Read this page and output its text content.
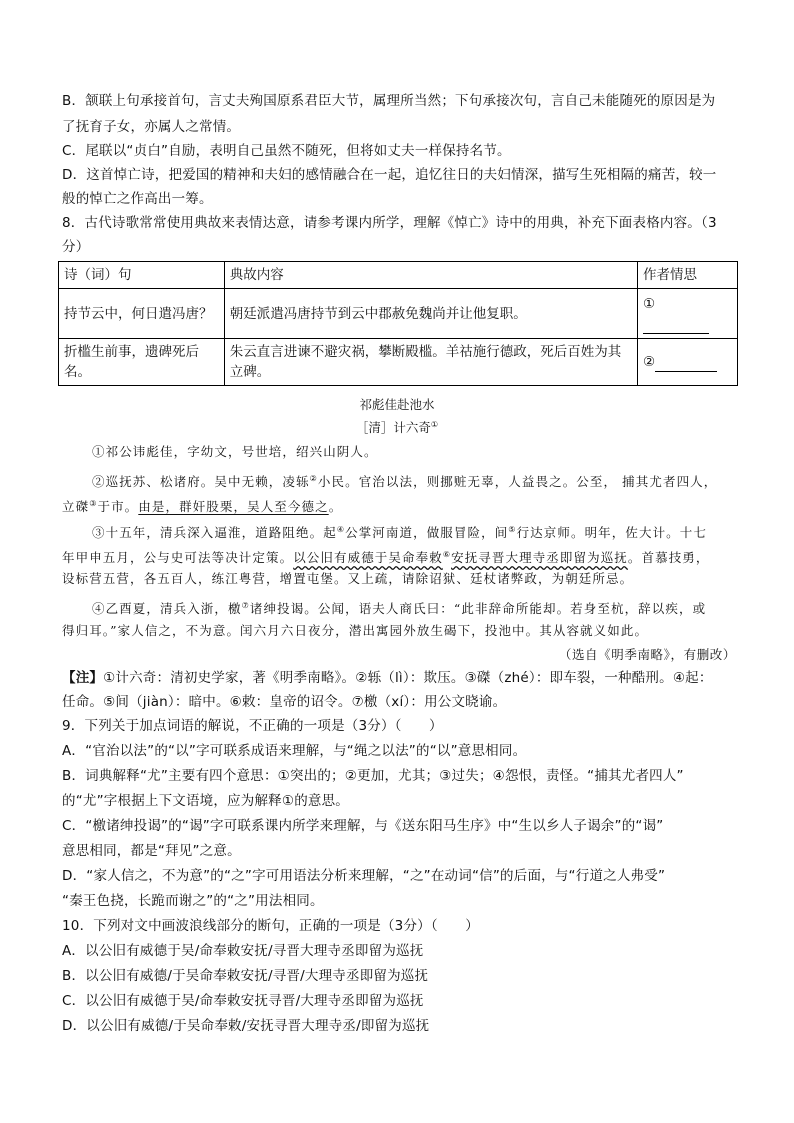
B．颔联上句承接首句，言丈夫殉国原系君臣大节，属理所当然；下句承接次句，言自己未能随死的原因是为
了抚育子女，亦属人之常情。
C．尾联以“贞白”自励，表明自己虽然不随死，但将如丈夫一样保持名节。
D．这首悼亡诗，把爱国的精神和夫妇的感情融合在一起，追忆往日的夫妇情深，描写生死相隔的痛苦，较一
般的悼亡之作高出一筹。
8．古代诗歌常常使用典故来表情达意，请参考课内所学，理解《悼亡》诗中的用典，补充下面表格内容。（3
分）
诗（词）句	典故内容	作者情思
持节云中，何日遣冯唐？	朝廷派遣冯唐持节到云中郡赦免魏尚并让他复职。	①

折槛生前事，遗碑死后名。	朱云直言进谏不避灾祸，攀断殿槛。羊祜施行德政，死后百姓为其
立碑。	②
祁彪佳赴池水
［清］计六奇①
①祁公讳彪佳，字幼文，号世培，绍兴山阴人。
②巡抚苏、松诸府。吴中无赖，凌轹②小民。官治以法，则挪赃无辜，人益畏之。公至， 捕其尤者四人，
立磔③于市。由是，群奸股栗，吴人至今德之。
③十五年，清兵深入逼淮，道路阻绝。起④公掌河南道，做服冒险，间⑤行达京师。明年，佐大计。十七
年甲申五月，公与史可法等决计定策。以公旧有威德于吴命奉敕⑥安抚寻晋大理寺丞即留为巡抚。首慕技勇，
设标营五营，各五百人，练江粤营，增置屯堡。又上疏，请除诏狱、廷杖诸弊政，为朝廷所忌。
④乙酉夏，清兵入浙，檄⑦诸绅投谒。公闻，语夫人商氏曰：“此非辞命所能却。若身至杭，辞以疾，或
得归耳。”家人信之，不为意。闰六月六日夜分，潜出寓园外放生碣下，投池中。其从容就义如此。
（选自《明季南略》，有删改）
【注】①计六奇：清初史学家，著《明季南略》。②轹（lì）：欺压。③磔（zhé）：即车裂，一种酷刑。④起：
任命。⑤间（jiàn）：暗中。⑥敕：皇帝的诏令。⑦檄（xí）：用公文晓谕。
9．下列关于加点词语的解说，不正确的一项是（3分）（　　）
A．“官治以法”的“以”字可联系成语来理解，与“绳之以法”的“以”意思相同。
B．词典解释“尤”主要有四个意思：①突出的；②更加，尤其；③过失；④怨恨，责怪。“捕其尤者四人”
的“尤”字根据上下文语境，应为解释①的意思。
C．“檄诸绅投谒”的“谒”字可联系课内所学来理解，与《送东阳马生序》中“生以乡人子谒余”的“谒”
意思相同，都是“拜见”之意。
D．“家人信之，不为意”的“之”字可用语法分析来理解，“之”在动词“信”的后面，与“行道之人弗受”
“秦王色挠，长跪而谢之”的“之”用法相同。
10．下列对文中画波浪线部分的断句，正确的一项是（3分）（　　）
A．以公旧有威德于吴/命奉敕安抚/寻晋大理寺丞即留为巡抚
B．以公旧有威德/于吴命奉敕安抚/寻晋/大理寺丞即留为巡抚
C．以公旧有威德于吴/命奉敕安抚寻晋/大理寺丞即留为巡抚
D．以公旧有威德/于吴命奉敕/安抚寻晋大理寺丞/即留为巡抚
